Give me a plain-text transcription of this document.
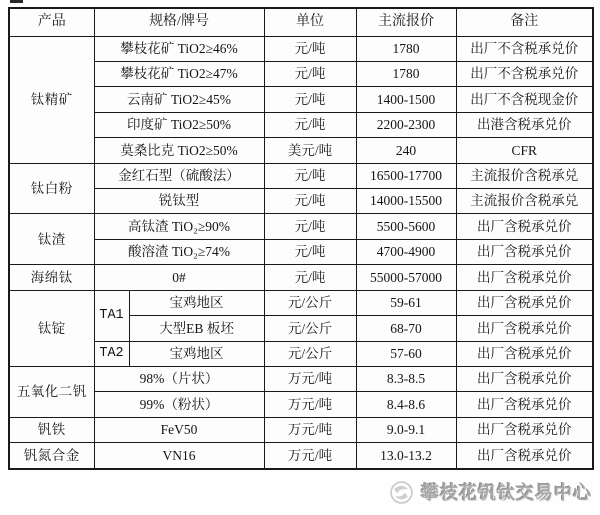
产品	规格/牌号		单位	主流报价	备注
钛精矿	攀枝花矿 TiO2≥46%		元/吨	1780	出厂不含税承兑价
	攀枝花矿 TiO2≥47%		元/吨	1780	出厂不含税承兑价
	云南矿 TiO2≥45%		元/吨	1400-1500	出厂不含税现金价
	印度矿 TiO2≥50%		元/吨	2200-2300	出港含税承兑价
	莫桑比克 TiO2≥50%		美元/吨	240	CFR
钛白粉	金红石型（硫酸法）		元/吨	16500-17700	主流报价含税承兑
	锐钛型		元/吨	14000-15500	主流报价含税承兑
钛渣	高钛渣 TiO₂≥90%		元/吨	5500-5600	出厂含税承兑价
	酸溶渣 TiO₂≥74%		元/吨	4700-4900	出厂含税承兑价
海绵钛	0#		元/吨	55000-57000	出厂含税承兑价
钛锭	TA1	宝鸡地区	元/公斤	59-61	出厂含税承兑价
		大型EB 板坯	元/公斤	68-70	出厂含税承兑价
	TA2	宝鸡地区	元/公斤	57-60	出厂含税承兑价
五氧化二钒	98%（片状）		万元/吨	8.3-8.5	出厂含税承兑价
	99%（粉状）		万元/吨	8.4-8.6	出厂含税承兑价
钒铁	FeV50		万元/吨	9.0-9.1	出厂含税承兑价
钒氮合金	VN16		万元/吨	13.0-13.2	出厂含税承兑价
攀枝花钒钛交易中心
